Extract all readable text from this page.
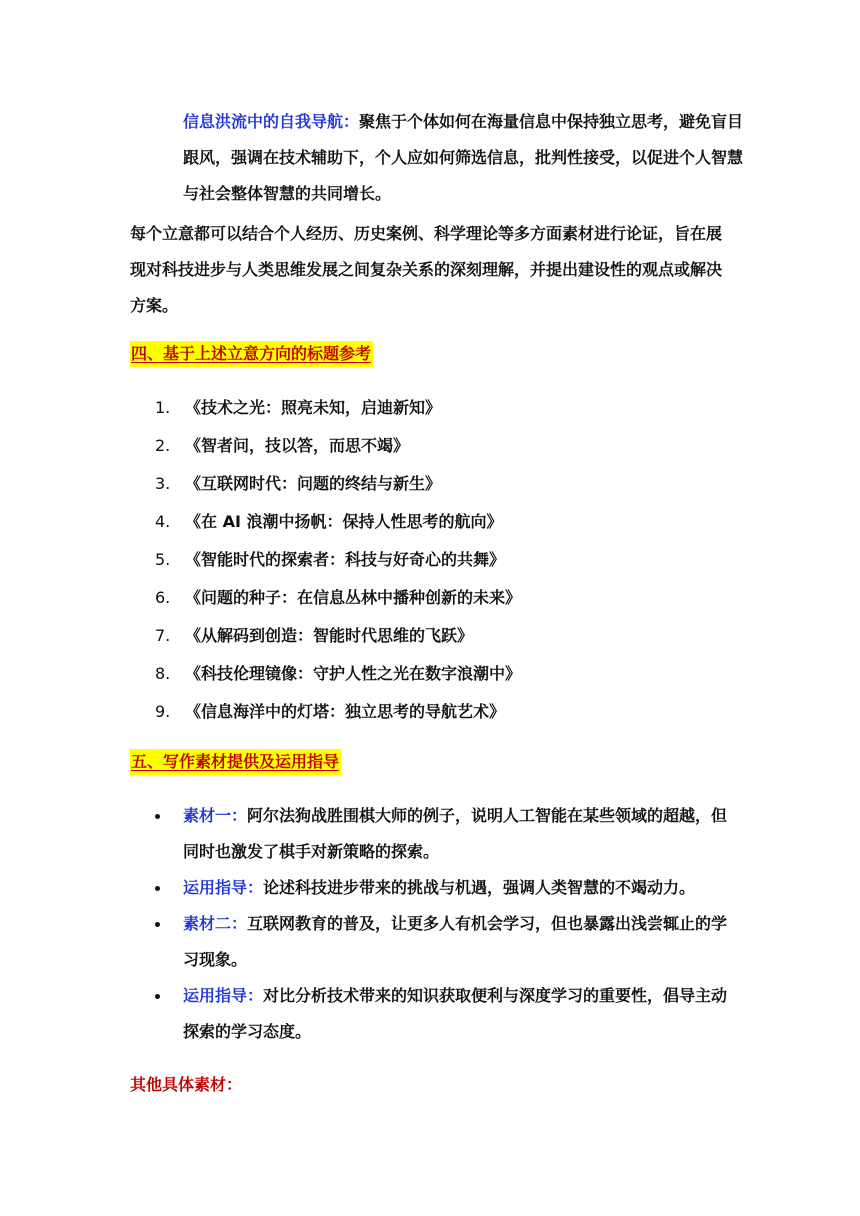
信息洪流中的自我导航：聚焦于个体如何在海量信息中保持独立思考，避免盲目跟风，强调在技术辅助下，个人应如何筛选信息，批判性接受，以促进个人智慧与社会整体智慧的共同增长。
每个立意都可以结合个人经历、历史案例、科学理论等多方面素材进行论证，旨在展现对科技进步与人类思维发展之间复杂关系的深刻理解，并提出建设性的观点或解决方案。
四、基于上述立意方向的标题参考
1. 《技术之光：照亮未知，启迪新知》
2. 《智者问，技以答，而思不竭》
3. 《互联网时代：问题的终结与新生》
4. 《在 AI 浪潮中扬帆：保持人性思考的航向》
5. 《智能时代的探索者：科技与好奇心的共舞》
6. 《问题的种子：在信息丛林中播种创新的未来》
7. 《从解码到创造：智能时代思维的飞跃》
8. 《科技伦理镜像：守护人性之光在数字浪潮中》
9. 《信息海洋中的灯塔：独立思考的导航艺术》
五、写作素材提供及运用指导
素材一：阿尔法狗战胜围棋大师的例子，说明人工智能在某些领域的超越，但同时也激发了棋手对新策略的探索。
运用指导：论述科技进步带来的挑战与机遇，强调人类智慧的不竭动力。
素材二：互联网教育的普及，让更多人有机会学习，但也暴露出浅尝辄止的学习现象。
运用指导：对比分析技术带来的知识获取便利与深度学习的重要性，倡导主动探索的学习态度。
其他具体素材：
